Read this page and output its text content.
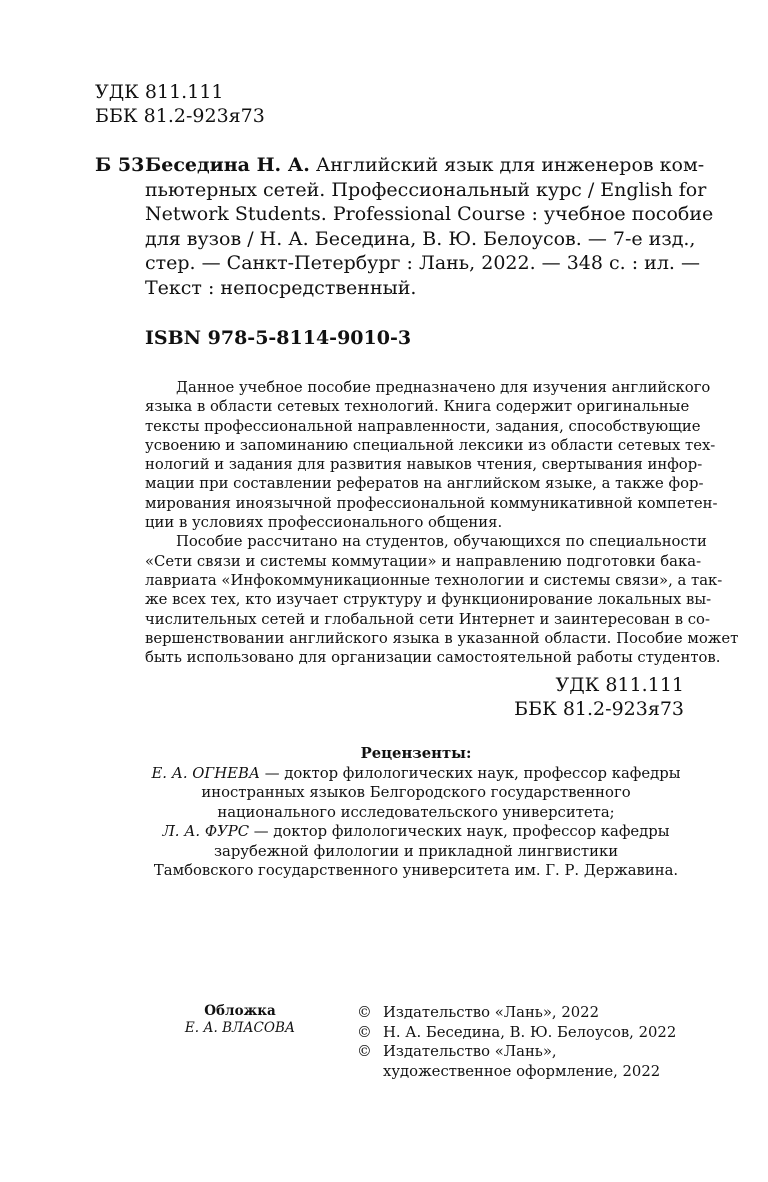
УДК 811.111
ББК 81.2-923я73
Б 53 Беседина Н. А. Английский язык для инженеров ком-
пьютерных сетей. Профессиональный курс / English for
Network Students. Professional Course : учебное пособие
для вузов / Н. А. Беседина, В. Ю. Белоусов. — 7-е изд.,
стер. — Санкт-Петербург : Лань, 2022. — 348 с. : ил. —
Текст : непосредственный.
ISBN 978-5-8114-9010-3
Данное учебное пособие предназначено для изучения английского
языка в области сетевых технологий. Книга содержит оригинальные
тексты профессиональной направленности, задания, способствующие
усвоению и запоминанию специальной лексики из области сетевых тех-
нологий и задания для развития навыков чтения, свертывания инфор-
мации при составлении рефератов на английском языке, а также фор-
мирования иноязычной профессиональной коммуникативной компетен-
ции в условиях профессионального общения.
Пособие рассчитано на студентов, обучающихся по специальности
«Сети связи и системы коммутации» и направлению подготовки бака-
лавриата «Инфокоммуникационные технологии и системы связи», а так-
же всех тех, кто изучает структуру и функционирование локальных вы-
числительных сетей и глобальной сети Интернет и заинтересован в со-
вершенствовании английского языка в указанной области. Пособие может
быть использовано для организации самостоятельной работы студентов.
УДК 811.111
ББК 81.2-923я73
Рецензенты:
Е. А. ОГНЕВА — доктор филологических наук, профессор кафедры
иностранных языков Белгородского государственного
национального исследовательского университета;
Л. А. ФУРС — доктор филологических наук, профессор кафедры
зарубежной филологии и прикладной лингвистики
Тамбовского государственного университета им. Г. Р. Державина.
Обложка
Е. А. ВЛАСОВА
© Издательство «Лань», 2022
© Н. А. Беседина, В. Ю. Белоусов, 2022
© Издательство «Лань»,
художественное оформление, 2022
